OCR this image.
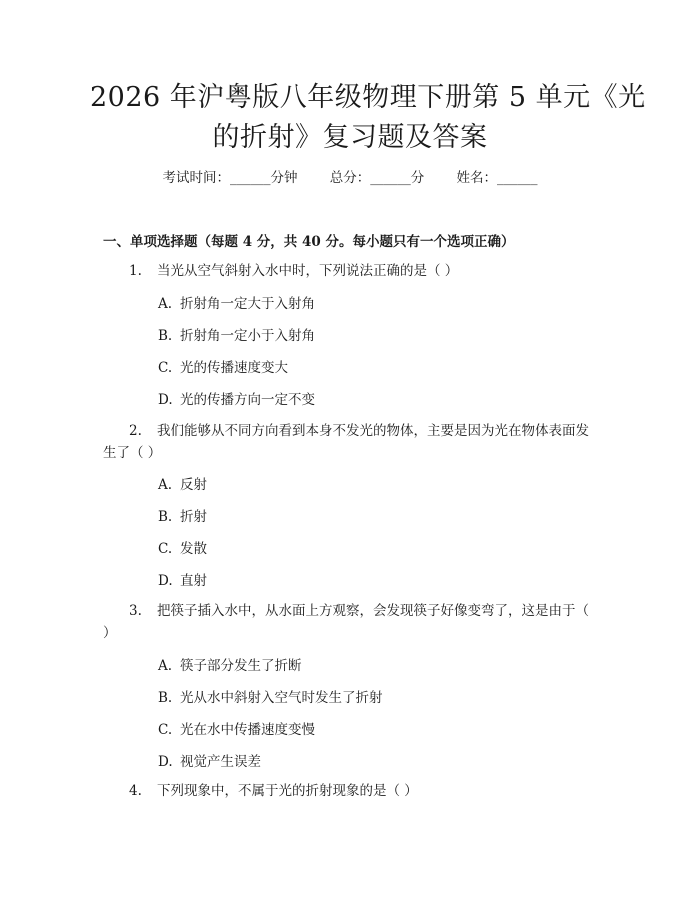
2026 年沪粤版八年级物理下册第 5 单元《光
的折射》复习题及答案
考试时间：______分钟 总分：______分 姓名：______
一、单项选择题（每题 4 分，共 40 分。每小题只有一个选项正确）
1. 当光从空气斜射入水中时，下列说法正确的是（ ）
A. 折射角一定大于入射角
B. 折射角一定小于入射角
C. 光的传播速度变大
D. 光的传播方向一定不变
2. 我们能够从不同方向看到本身不发光的物体，主要是因为光在物体表面发生了（ ）
A. 反射
B. 折射
C. 发散
D. 直射
3. 把筷子插入水中，从水面上方观察，会发现筷子好像变弯了，这是由于（ ）
A. 筷子部分发生了折断
B. 光从水中斜射入空气时发生了折射
C. 光在水中传播速度变慢
D. 视觉产生误差
4. 下列现象中，不属于光的折射现象的是（ ）
